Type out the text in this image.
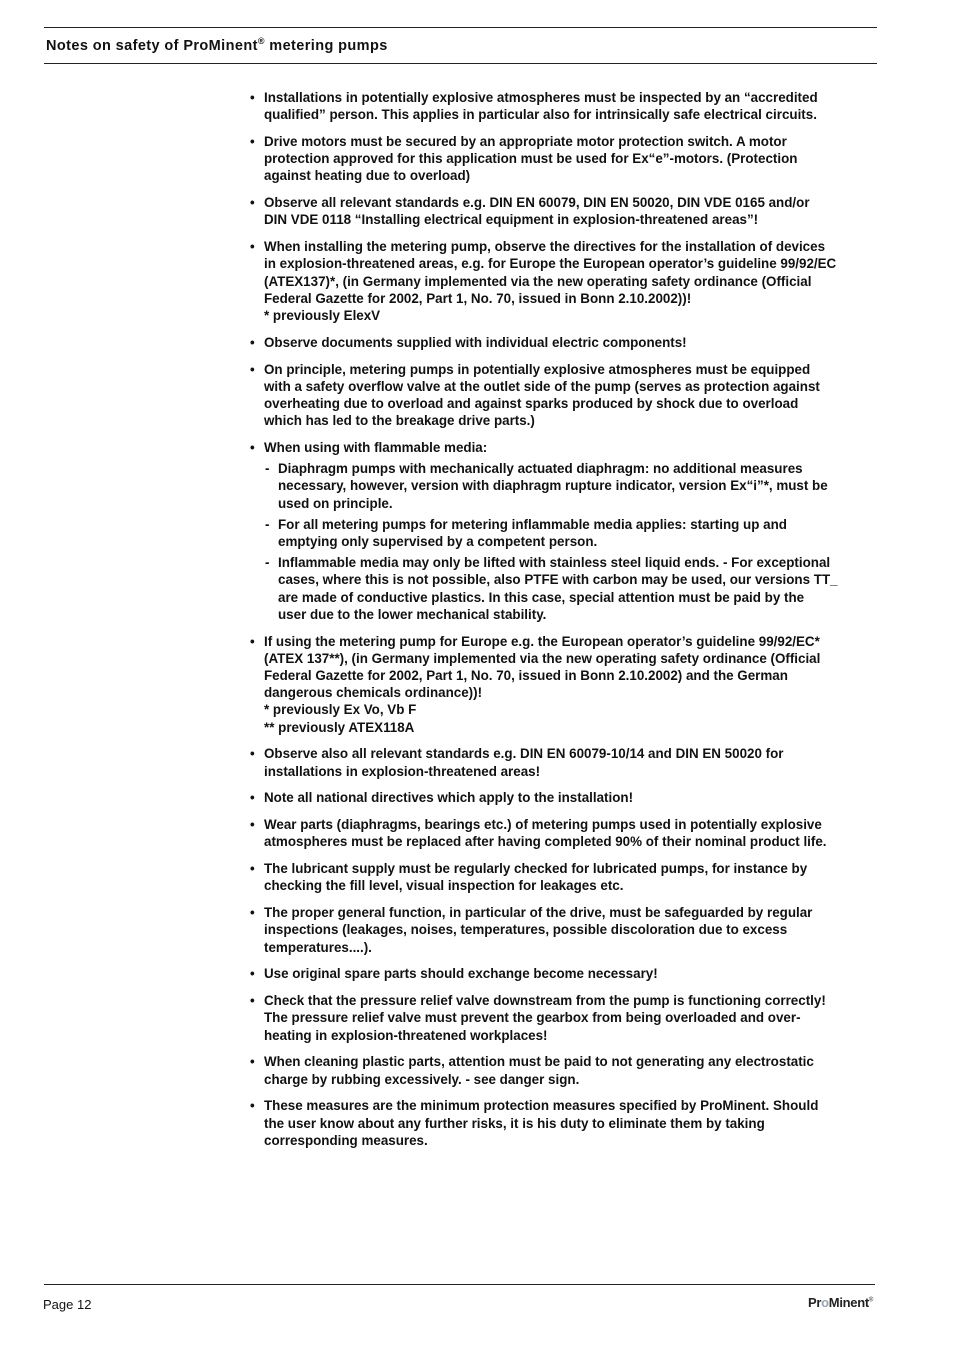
Notes on safety of ProMinent® metering pumps
• Installations in potentially explosive atmospheres must be inspected by an “accredited
qualified” person. This applies in particular also for intrinsically safe electrical circuits.
• Drive motors must be secured by an appropriate motor protection switch. A motor
protection approved for this application must be used for Ex“e”-motors. (Protection
against heating due to overload)
• Observe all relevant standards e.g. DIN EN 60079, DIN EN 50020, DIN VDE 0165 and/or
DIN VDE 0118 “Installing electrical equipment in explosion-threatened areas”!
• When installing the metering pump, observe the directives for the installation of devices
in explosion-threatened areas, e.g. for Europe the European operator’s guideline 99/92/EC
(ATEX137)*, (in Germany implemented via the new operating safety ordinance (Official
Federal Gazette for 2002, Part 1, No. 70, issued in Bonn 2.10.2002))!
* previously ElexV
• Observe documents supplied with individual electric components!
• On principle, metering pumps in potentially explosive atmospheres must be equipped
with a safety overflow valve at the outlet side of the pump (serves as protection against
overheating due to overload and against sparks produced by shock due to overload
which has led to the breakage drive parts.)
• When using with flammable media:
- Diaphragm pumps with mechanically actuated diaphragm: no additional measures
necessary, however, version with diaphragm rupture indicator, version Ex“i”*, must be
used on principle.
- For all metering pumps for metering inflammable media applies: starting up and
emptying only supervised by a competent person.
- Inflammable media may only be lifted with stainless steel liquid ends. - For exceptional
cases, where this is not possible, also PTFE with carbon may be used, our versions TT_
are made of conductive plastics. In this case, special attention must be paid by the
user due to the lower mechanical stability.
• If using the metering pump for Europe e.g. the European operator’s guideline 99/92/EC*
(ATEX 137**), (in Germany implemented via the new operating safety ordinance (Official
Federal Gazette for 2002, Part 1, No. 70, issued in Bonn 2.10.2002) and the German
dangerous chemicals ordinance))!
* previously Ex Vo, Vb F
** previously ATEX118A
• Observe also all relevant standards e.g. DIN EN 60079-10/14 and DIN EN 50020 for
installations in explosion-threatened areas!
• Note all national directives which apply to the installation!
• Wear parts (diaphragms, bearings etc.) of metering pumps used in potentially explosive
atmospheres must be replaced after having completed 90% of their nominal product life.
• The lubricant supply must be regularly checked for lubricated pumps, for instance by
checking the fill level, visual inspection for leakages etc.
• The proper general function, in particular of the drive, must be safeguarded by regular
inspections (leakages, noises, temperatures, possible discoloration due to excess
temperatures....).
• Use original spare parts should exchange become necessary!
• Check that the pressure relief valve downstream from the pump is functioning correctly!
The pressure relief valve must prevent the gearbox from being overloaded and over-
heating in explosion-threatened workplaces!
• When cleaning plastic parts, attention must be paid to not generating any electrostatic
charge by rubbing excessively. - see danger sign.
• These measures are the minimum protection measures specified by ProMinent. Should
the user know about any further risks, it is his duty to eliminate them by taking
corresponding measures.
Page 12	ProMinent®
